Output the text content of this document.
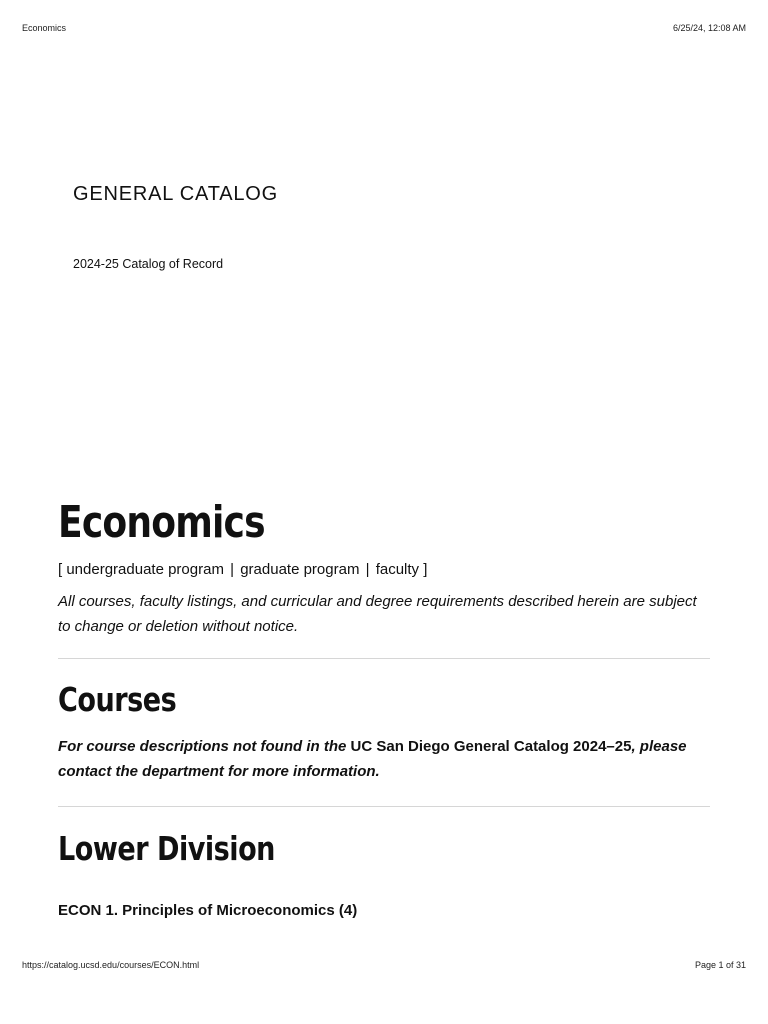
Economics	6/25/24, 12:08 AM
GENERAL CATALOG

2024-25 Catalog of Record

Economics

[ undergraduate program | graduate program | faculty ]

All courses, faculty listings, and curricular and degree requirements described herein are subject to change or deletion without notice.

Courses

For course descriptions not found in the UC San Diego General Catalog 2024–25, please contact the department for more information.

Lower Division

ECON 1. Principles of Microeconomics (4)

https://catalog.ucsd.edu/courses/ECON.html	Page 1 of 31
